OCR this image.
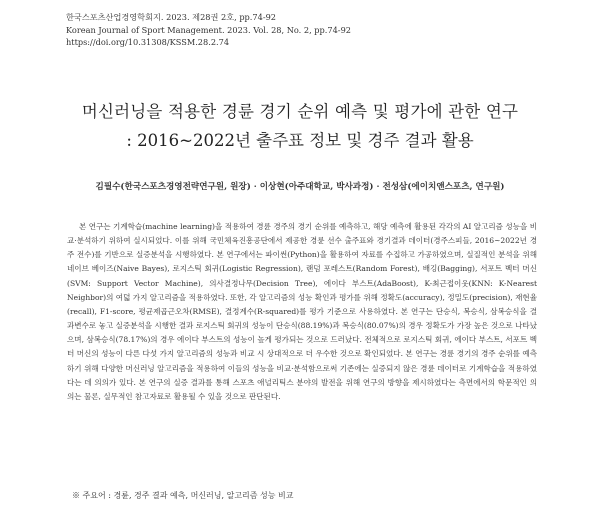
한국스포츠산업경영학회지. 2023. 제28권 2호, pp.74-92
Korean Journal of Sport Management. 2023. Vol. 28, No. 2, pp.74-92
https://doi.org/10.31308/KSSM.28.2.74
머신러닝을 적용한 경륜 경기 순위 예측 및 평가에 관한 연구
: 2016~2022년 출주표 정보 및 경주 결과 활용
김필수(한국스포츠경영전략연구원, 원장) · 이상현(아주대학교, 박사과정) · 전성삼(에이치앤스포츠, 연구원)

본 연구는 기계학습(machine learning)을 적용하여 경륜 경주의 경기 순위를 예측하고, 해당 예측에 활용된 각각의 AI 알고리즘 성능을 비교·분석하기 위하여 실시되었다. 이를 위해 국민체육진흥공단에서 제공한 경륜 선수 출주표와 경기결과 데이터(경주스피들, 2016~2022년 경주 전수)를 기반으로 실증분석을 시행하였다. 본 연구에서는 파이썬(Python)을 활용하여 자료를 수집하고 가공하였으며, 실질적인 분석을 위해 네이브 베이즈(Naive Bayes), 로지스틱 회귀(Logistic Regression), 랜덤 포레스트(Random Forest), 배깅(Bagging), 서포트 벡터 머신(SVM: Support Vector Machine), 의사결정나무(Decision Tree), 에이다 부스트(AdaBoost), K-최근접이웃(KNN: K-Nearest Neighbor)의 여덟 가지 알고리즘을 적용하였다. 또한, 각 알고리즘의 성능 확인과 평가를 위해 정확도(accuracy), 정밀도(precision), 재현율(recall), F1-score, 평균제곱근오차(RMSE), 결정계수(R-squared)를 평가 기준으로 사용하였다. 본 연구는 단승식, 복승식, 삼복승식을 결과변수로 놓고 실증분석을 시행한 결과 로지스틱 회귀의 성능이 단승식(88.19%)과 복승식(80.07%)의 경우 정확도가 가장 높은 것으로 나타났으며, 삼복승식(78.17%)의 경우 에이다 부스트의 성능이 높게 평가되는 것으로 드러났다. 전체적으로 로지스틱 회귀, 에이다 부스트, 서포트 벡터 머신의 성능이 다른 다섯 가지 알고리즘의 성능과 비교 시 상대적으로 더 우수한 것으로 확인되었다. 본 연구는 경륜 경기의 경주 순위를 예측하기 위해 다양한 머신러닝 알고리즘을 적용하여 이들의 성능을 비교·분석함으로써 기존에는 실증되지 않은 경륜 데이터로 기계학습을 적용하였다는 데 의의가 있다. 본 연구의 실증 결과를 통해 스포츠 애널리틱스 분야의 발전을 위해 연구의 방향을 제시하였다는 측면에서의 학문적인 의의는 물론, 실무적인 참고자료로 활용될 수 있을 것으로 판단된다.

※ 주요어 : 경륜, 경주 결과 예측, 머신러닝, 알고리즘 성능 비교
